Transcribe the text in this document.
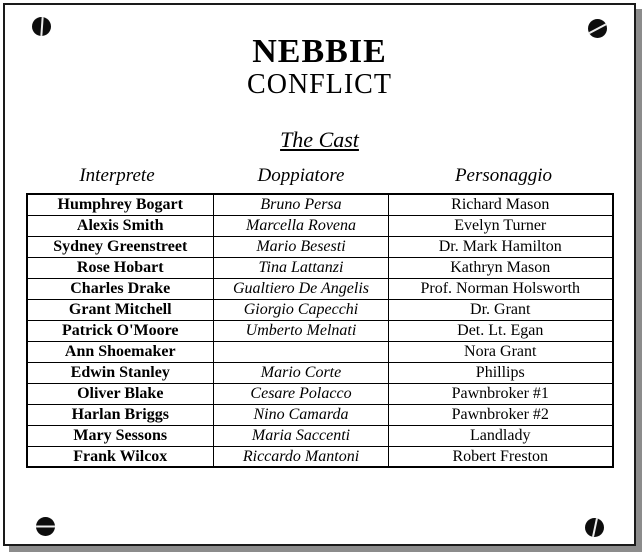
NEBBIE
CONFLICT
The Cast
Interprete	Doppiatore	Personaggio
Humphrey Bogart	Bruno Persa	Richard Mason
Alexis Smith	Marcella Rovena	Evelyn Turner
Sydney Greenstreet	Mario Besesti	Dr. Mark Hamilton
Rose Hobart	Tina Lattanzi	Kathryn Mason
Charles Drake	Gualtiero De Angelis	Prof. Norman Holsworth
Grant Mitchell	Giorgio Capecchi	Dr. Grant
Patrick O'Moore	Umberto Melnati	Det. Lt. Egan
Ann Shoemaker		Nora Grant
Edwin Stanley	Mario Corte	Phillips
Oliver Blake	Cesare Polacco	Pawnbroker #1
Harlan Briggs	Nino Camarda	Pawnbroker #2
Mary Sessons	Maria Saccenti	Landlady
Frank Wilcox	Riccardo Mantoni	Robert Freston
